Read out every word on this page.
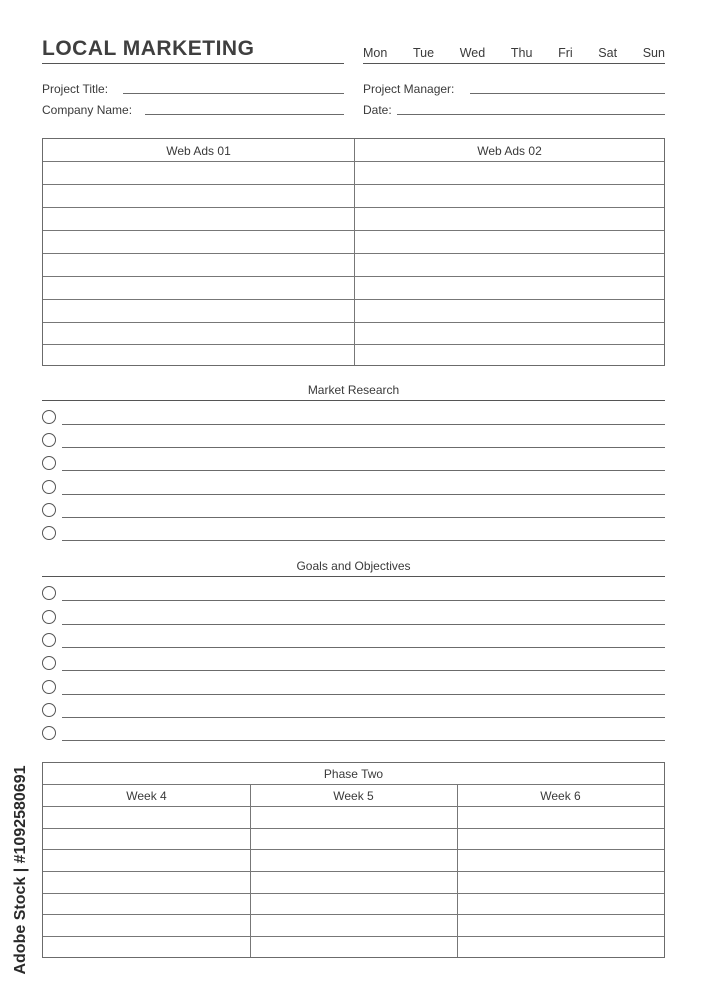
LOCAL MARKETING	Mon Tue Wed Thu Fri Sat Sun
Project Title:
Company Name:
Project Manager:
Date:
Web Ads 01	Web Ads 02
Market Research
Goals and Objectives
Phase Two
Week 4	Week 5	Week 6
Adobe Stock | #1092580691
